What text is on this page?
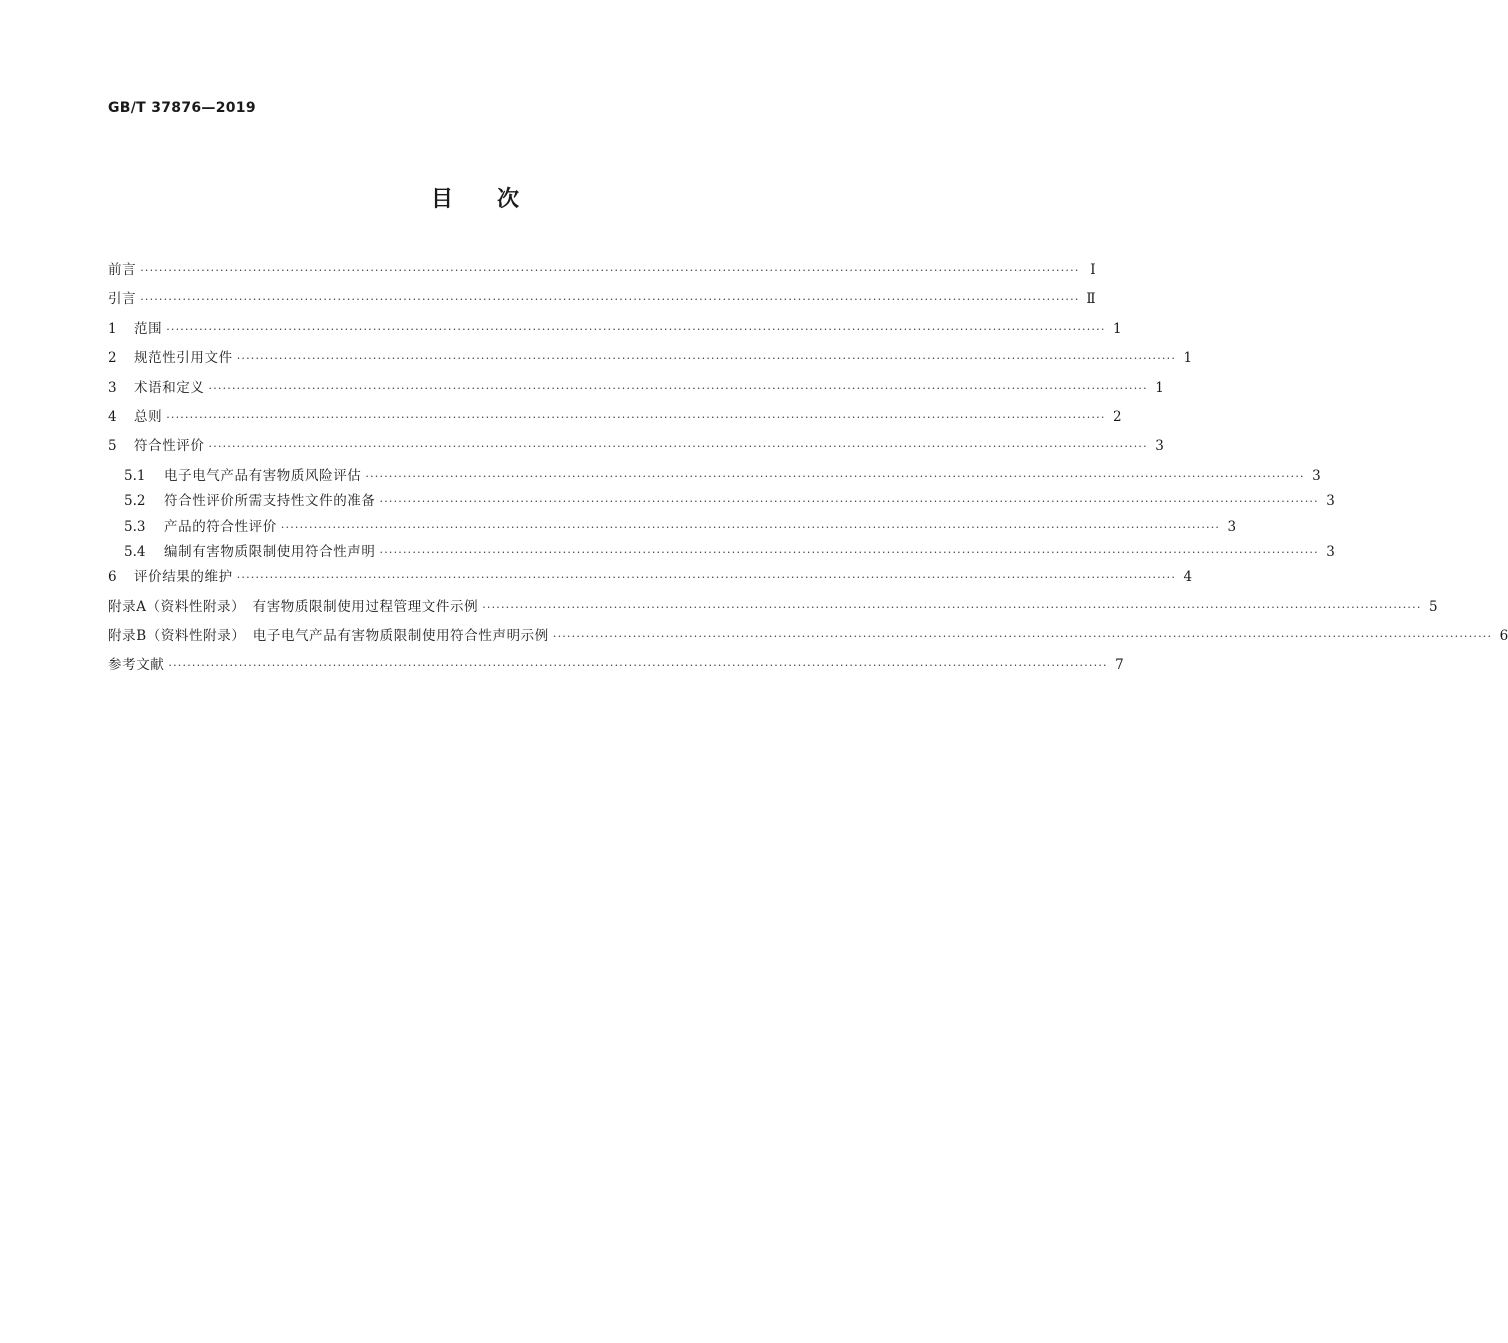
GB/T 37876—2019

目次
前言 ········································································································································································································ Ⅰ
引言 ········································································································································································································ Ⅱ
1	范围 ········································································································································································································ 1
2	规范性引用文件 ········································································································································································································ 1
3	术语和定义 ········································································································································································································ 1
4	总则 ········································································································································································································ 2
5	符合性评价 ········································································································································································································ 3
5.1	电子电气产品有害物质风险评估 ········································································································································································································ 3
5.2	符合性评价所需支持性文件的准备 ········································································································································································································ 3
5.3	产品的符合性评价 ········································································································································································································ 3
5.4	编制有害物质限制使用符合性声明 ········································································································································································································ 3
6	评价结果的维护 ········································································································································································································ 4
附录A（资料性附录）　有害物质限制使用过程管理文件示例 ········································································································································································································ 5
附录B（资料性附录）　电子电气产品有害物质限制使用符合性声明示例 ········································································································································································································ 6
参考文献 ········································································································································································································ 7
